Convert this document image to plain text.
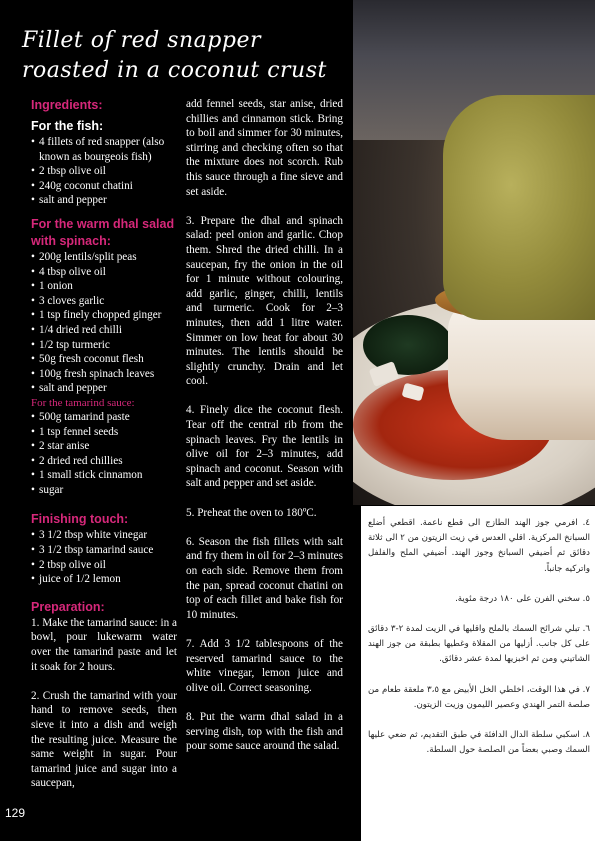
Fillet of red snapper
roasted in a coconut crust
Ingredients:
For the fish:
• 4 fillets of red snapper (also known as bourgeois fish)
• 2 tbsp olive oil
• 240g coconut chatini
• salt and pepper
For the warm dhal salad
with spinach:
• 200g lentils/split peas
• 4 tbsp olive oil
• 1 onion
• 3 cloves garlic
• 1 tsp finely chopped ginger
• 1/4 dried red chilli
• 1/2 tsp turmeric
• 50g fresh coconut flesh
• 100g fresh spinach leaves
• salt and pepper
For the tamarind sauce:
• 500g tamarind paste
• 1 tsp fennel seeds
• 2 star anise
• 2 dried red chillies
• 1 small stick cinnamon
• sugar
Finishing touch:
• 3 1/2 tbsp white vinegar
• 3 1/2 tbsp tamarind sauce
• 2 tbsp olive oil
• juice of 1/2 lemon
Preparation:

1. Make the tamarind sauce: in a bowl, pour lukewarm water over the tamarind paste and let it soak for 2 hours.

2. Crush the tamarind with your hand to remove seeds, then sieve it into a dish and weigh the resulting juice. Measure the same weight in sugar. Pour tamarind juice and sugar into a saucepan,

add fennel seeds, star anise, dried chillies and cinnamon stick. Bring to boil and simmer for 30 minutes, stirring and checking often so that the mixture does not scorch. Rub this sauce through a fine sieve and set aside.

3. Prepare the dhal and spinach salad: peel onion and garlic. Chop them. Shred the dried chilli. In a saucepan, fry the onion in the oil for 1 minute without colouring, add garlic, ginger, chilli, lentils and turmeric. Cook for 2–3 minutes, then add 1 litre water. Simmer on low heat for about 30 minutes. The lentils should be slightly crunchy. Drain and let cool.

4. Finely dice the coconut flesh. Tear off the central rib from the spinach leaves. Fry the lentils in olive oil for 2–3 minutes, add spinach and coconut. Season with salt and pepper and set aside.

5. Preheat the oven to 180ºC.

6. Season the fish fillets with salt and fry them in oil for 2–3 minutes on each side. Remove them from the pan, spread coconut chatini on top of each fillet and bake fish for 10 minutes.

7. Add 3 1/2 tablespoons of the reserved tamarind sauce to the white vinegar, lemon juice and olive oil. Correct seasoning.

8. Put the warm dhal salad in a serving dish, top with the fish and pour some sauce around the salad.

٤. افرمي جوز الهند الطازج الى قطع ناعمة. اقطعي أضلع السبانخ المركزية. اقلي العدس في زيت الزيتون من ٢ الى ثلاثة دقائق ثم أضيفي السبانخ وجوز الهند. أضيفي الملح والفلفل واتركيه جانباً.

٥. سخني الفرن على ١٨٠ درجة مئوية.

٦. تبلي شرائح السمك بالملح واقليها في الزيت لمدة ٢-٣ دقائق على كل جانب. أزليها من المقلاة وغطيها بطبقة من جوز الهند الشاتيني ومن ثم اخبزيها لمدة عشر دقائق.

٧. في هذا الوقت، اخلطي الخل الأبيض مع ٣،٥ ملعقة طعام من صلصة التمر الهندي وعصير الليمون وزيت الزيتون.

٨. اسكبي سلطة الدال الدافئة في طبق التقديم، ثم ضعي عليها السمك وصبي بعضاً من الصلصة حول السلطة.

129
